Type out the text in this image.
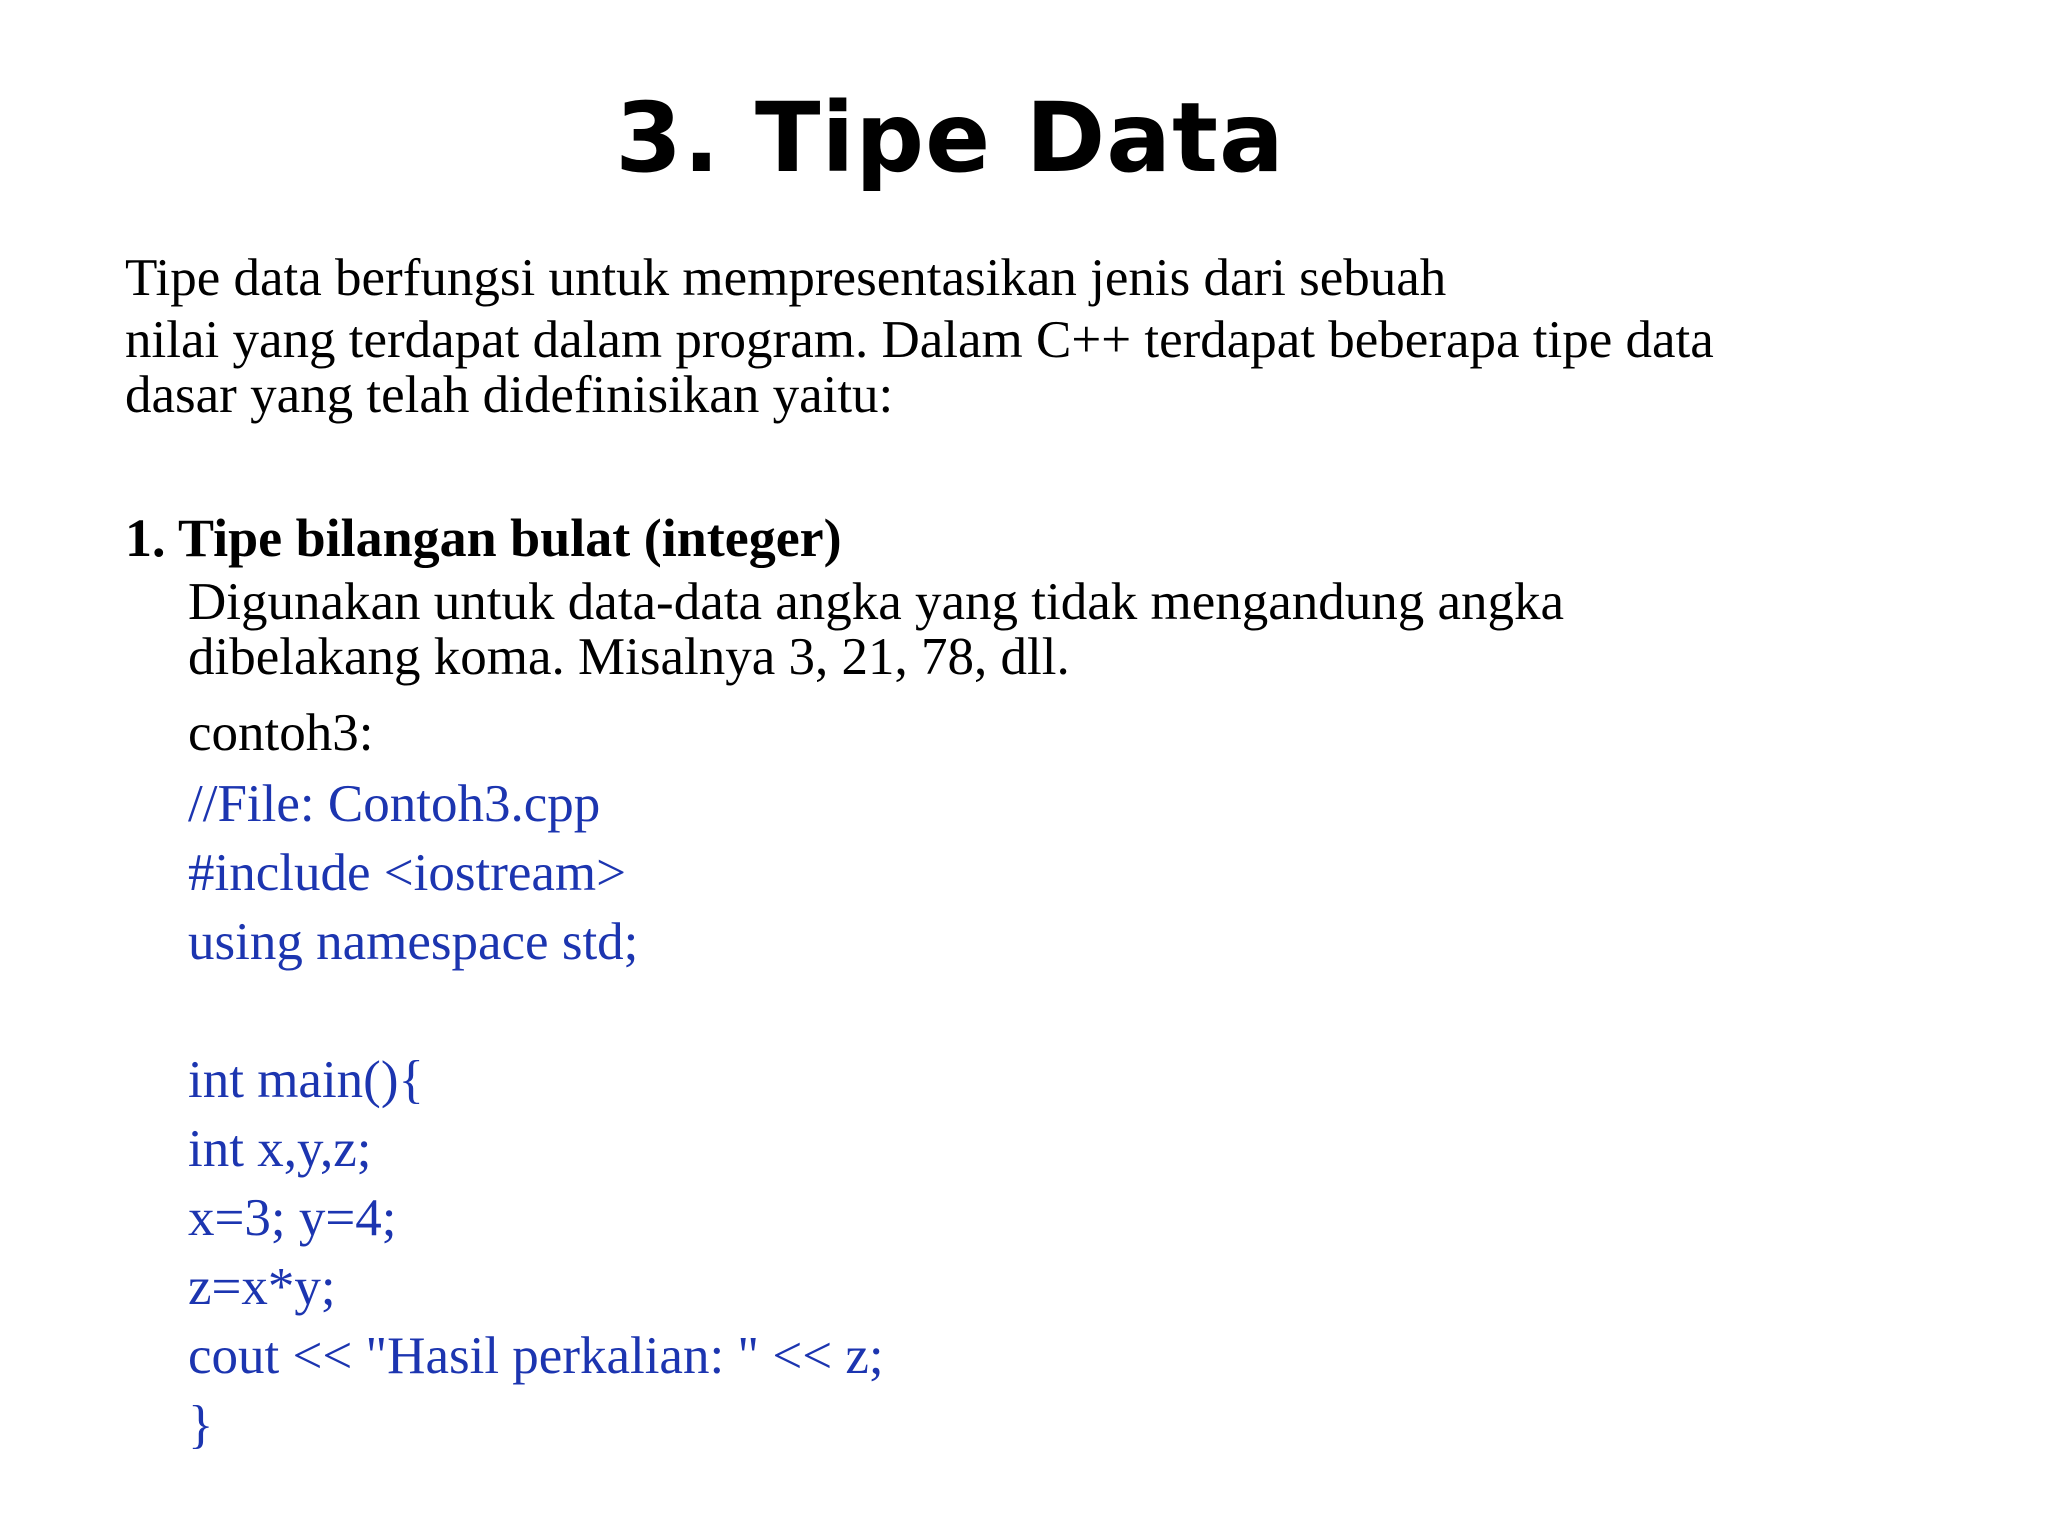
3. Tipe Data

Tipe data berfungsi untuk mempresentasikan jenis dari sebuah

nilai yang terdapat dalam program. Dalam C++ terdapat beberapa tipe data
dasar yang telah didefinisikan yaitu:

1. Tipe bilangan bulat (integer)

Digunakan untuk data-data angka yang tidak mengandung angka
dibelakang koma. Misalnya 3, 21, 78, dll.

contoh3:

//File: Contoh3.cpp
#include <iostream>
using namespace std;
int main(){
int x,y,z;
x=3; y=4;
z=x*y;
cout << "Hasil perkalian: " << z;
}
